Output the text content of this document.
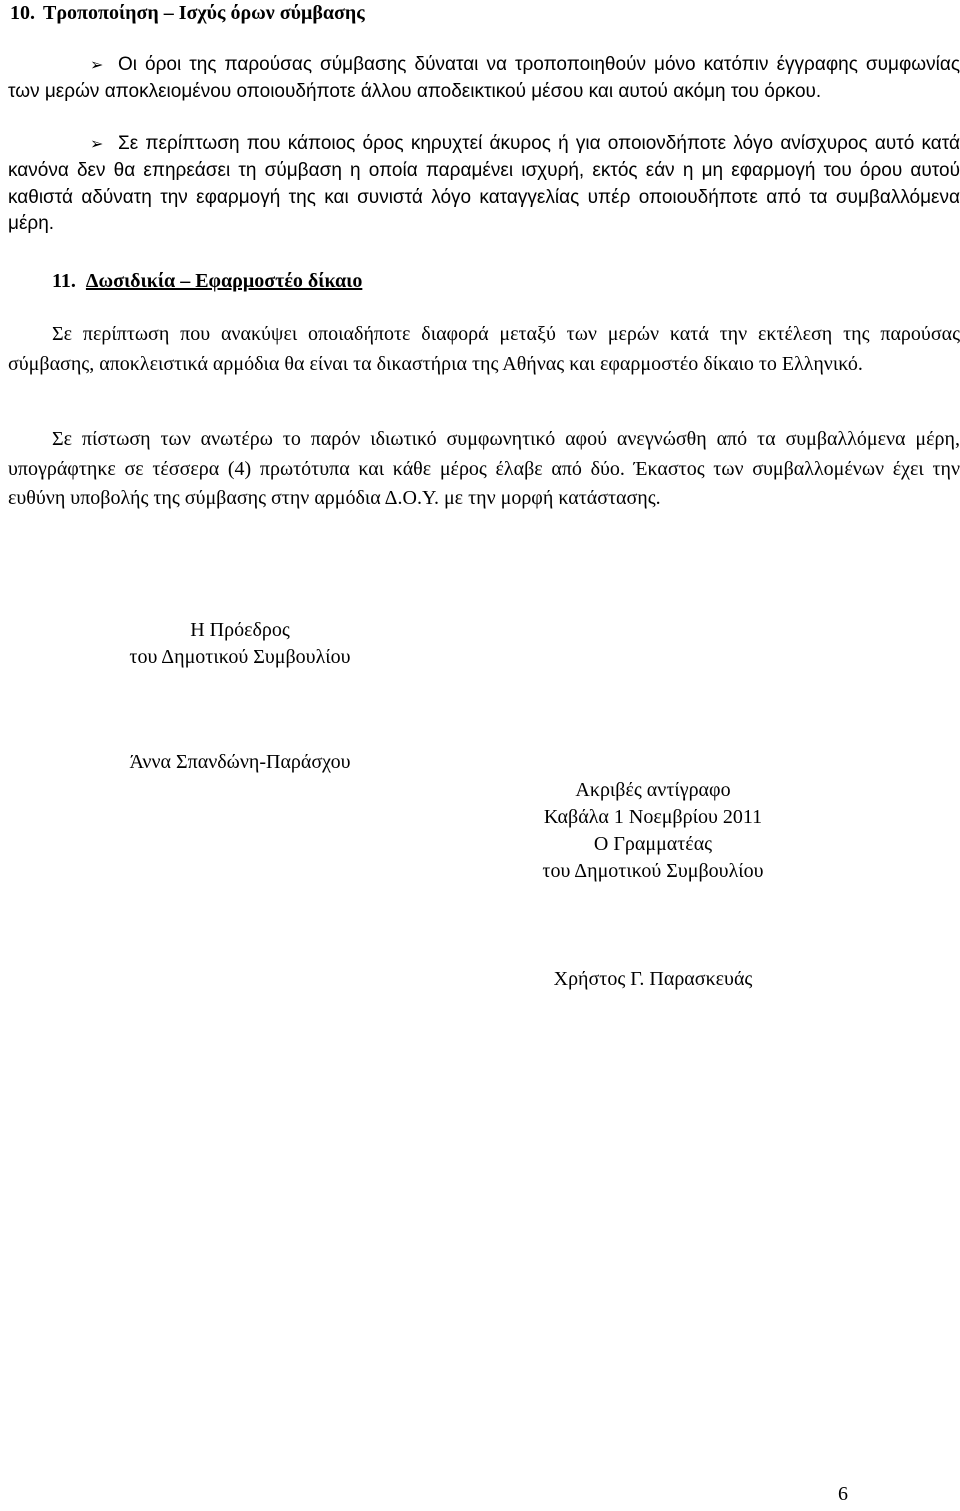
10. Τροποποίηση – Ισχύς όρων σύμβασης
➢ Οι όροι της παρούσας σύμβασης δύναται να τροποποιηθούν μόνο κατόπιν έγγραφης συμφωνίας των μερών αποκλειομένου οποιουδήποτε άλλου αποδεικτικού μέσου και αυτού ακόμη του όρκου.
➢ Σε περίπτωση που κάποιος όρος κηρυχτεί άκυρος ή για οποιονδήποτε λόγο ανίσχυρος αυτό κατά κανόνα δεν θα επηρεάσει τη σύμβαση η οποία παραμένει ισχυρή, εκτός εάν η μη εφαρμογή του όρου αυτού καθιστά αδύνατη την εφαρμογή της και συνιστά λόγο καταγγελίας υπέρ οποιουδήποτε από τα συμβαλλόμενα μέρη.
11. Δωσιδικία – Εφαρμοστέο δίκαιο
Σε περίπτωση που ανακύψει οποιαδήποτε διαφορά μεταξύ των μερών κατά την εκτέλεση της παρούσας σύμβασης, αποκλειστικά αρμόδια θα είναι τα δικαστήρια της Αθήνας και εφαρμοστέο δίκαιο το Ελληνικό.
Σε πίστωση των ανωτέρω το παρόν ιδιωτικό συμφωνητικό αφού ανεγνώσθη από τα συμβαλλόμενα μέρη, υπογράφτηκε σε τέσσερα (4) πρωτότυπα και κάθε μέρος έλαβε από δύο. Έκαστος των συμβαλλομένων έχει την ευθύνη υποβολής της σύμβασης στην αρμόδια Δ.Ο.Υ. με την μορφή κατάστασης.
Η Πρόεδρος
του Δημοτικού Συμβουλίου
Άννα Σπανδώνη-Παράσχου
Ακριβές αντίγραφο
Καβάλα 1 Νοεμβρίου 2011
Ο Γραμματέας
του Δημοτικού Συμβουλίου
Χρήστος Γ. Παρασκευάς
6
